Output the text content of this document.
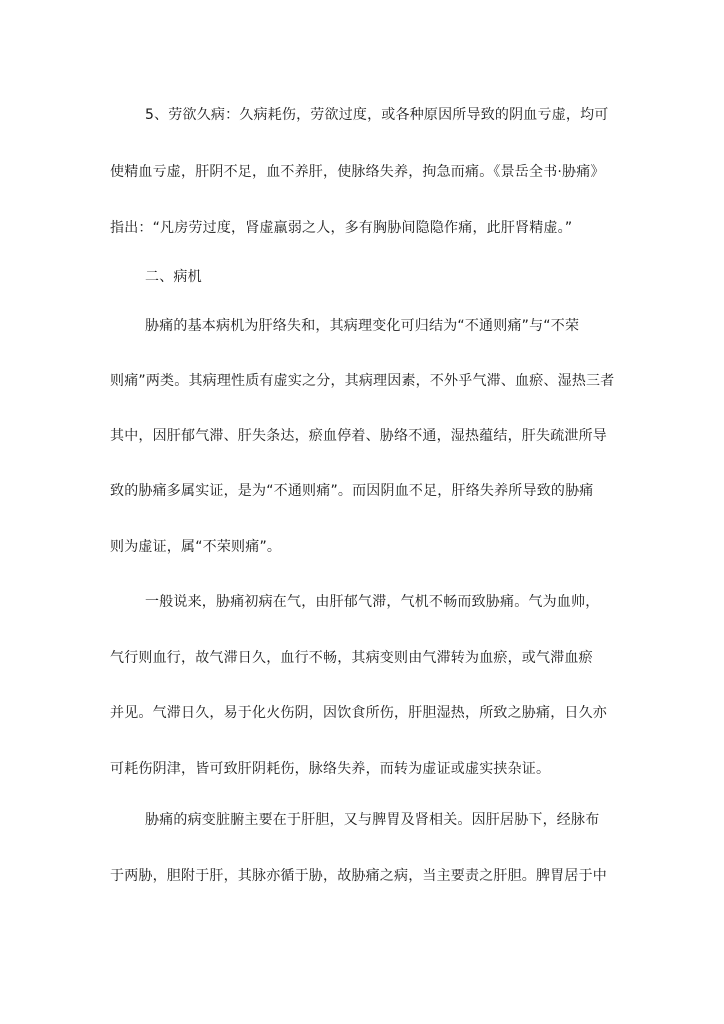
5、劳欲久病：久病耗伤，劳欲过度，或各种原因所导致的阴血亏虚，均可
使精血亏虚，肝阴不足，血不养肝，使脉络失养，拘急而痛。《景岳全书·胁痛》
指出：“凡房劳过度，肾虚羸弱之人，多有胸胁间隐隐作痛，此肝肾精虚。”
二、病机
胁痛的基本病机为肝络失和，其病理变化可归结为“不通则痛”与“不荣
则痛”两类。其病理性质有虚实之分，其病理因素，不外乎气滞、血瘀、湿热三者
其中，因肝郁气滞、肝失条达，瘀血停着、胁络不通，湿热蕴结，肝失疏泄所导
致的胁痛多属实证，是为“不通则痛”。而因阴血不足，肝络失养所导致的胁痛
则为虚证，属“不荣则痛”。
一般说来，胁痛初病在气，由肝郁气滞，气机不畅而致胁痛。气为血帅，
气行则血行，故气滞日久，血行不畅，其病变则由气滞转为血瘀，或气滞血瘀
并见。气滞日久，易于化火伤阴，因饮食所伤，肝胆湿热，所致之胁痛，日久亦
可耗伤阴津，皆可致肝阴耗伤，脉络失养，而转为虚证或虚实挟杂证。
胁痛的病变脏腑主要在于肝胆，又与脾胃及肾相关。因肝居胁下，经脉布
于两胁，胆附于肝，其脉亦循于胁，故胁痛之病，当主要责之肝胆。脾胃居于中
